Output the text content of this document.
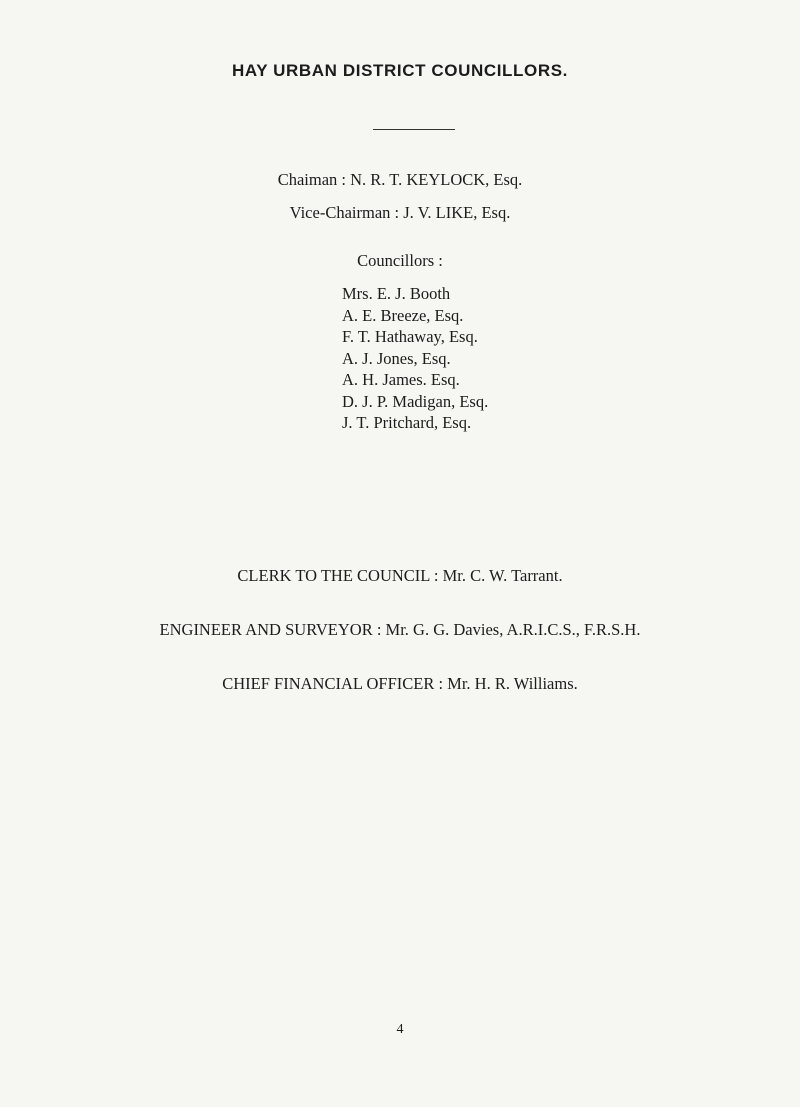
HAY URBAN DISTRICT COUNCILLORS.
Chaiman : N. R. T. KEYLOCK, Esq.
Vice-Chairman : J. V. LIKE, Esq.
Councillors :
Mrs. E. J. Booth
A. E. Breeze, Esq.
F. T. Hathaway, Esq.
A. J. Jones, Esq.
A. H. James. Esq.
D. J. P. Madigan, Esq.
J. T. Pritchard, Esq.
CLERK TO THE COUNCIL : Mr. C. W. Tarrant.
ENGINEER AND SURVEYOR : Mr. G. G. Davies, A.R.I.C.S., F.R.S.H.
CHIEF FINANCIAL OFFICER : Mr. H. R. Williams.
4
